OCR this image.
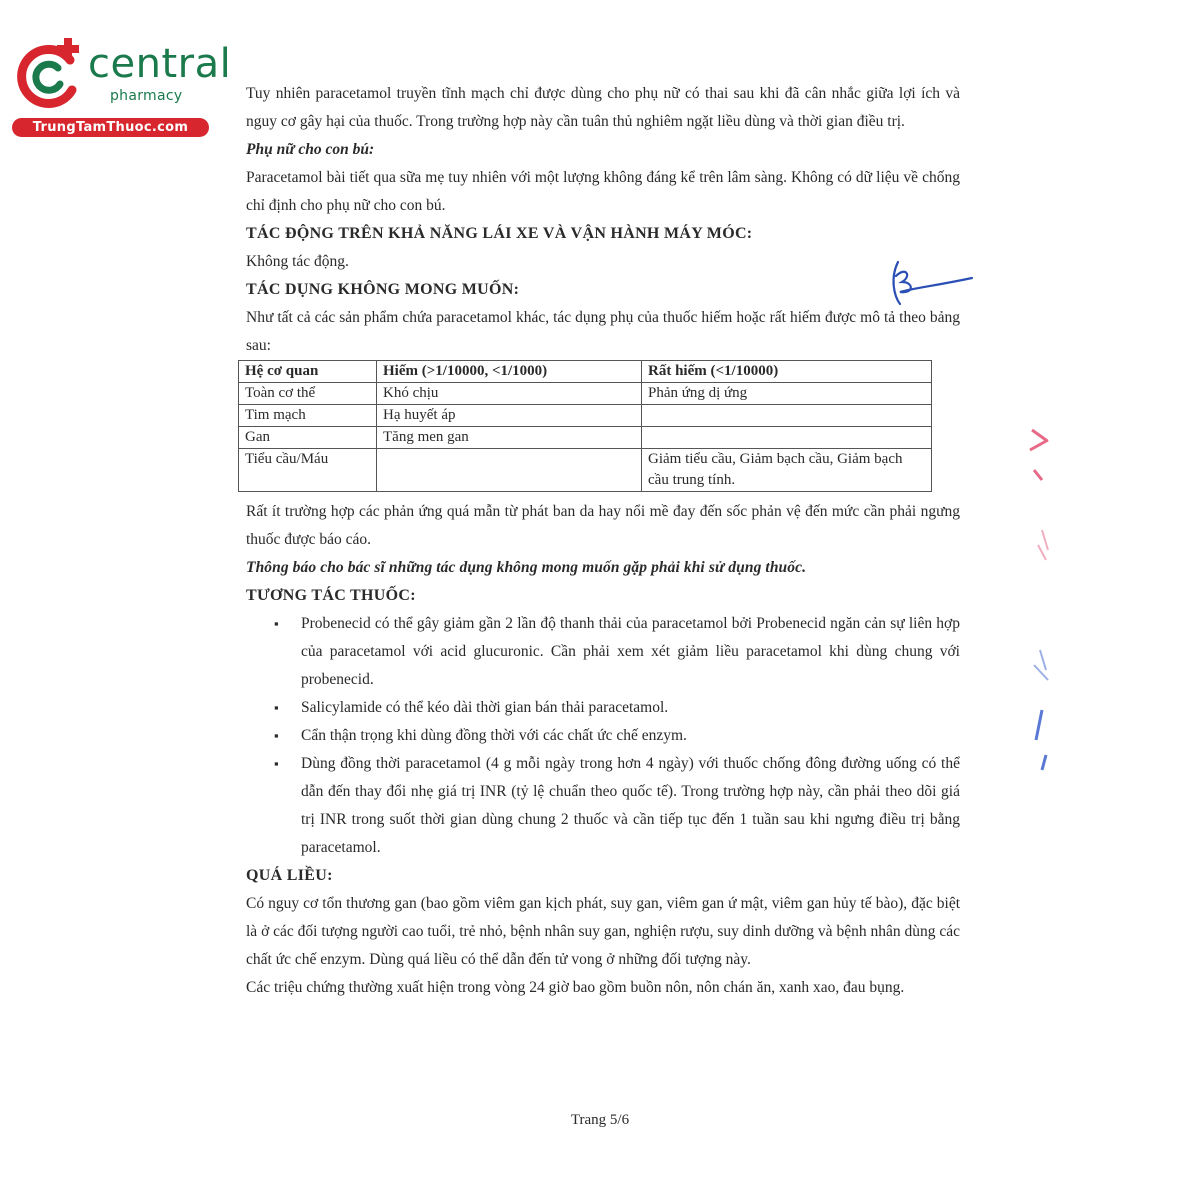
central
pharmacy
TrungTamThuoc.com

Tuy nhiên paracetamol truyền tĩnh mạch chỉ được dùng cho phụ nữ có thai sau khi đã cân nhắc giữa lợi ích và nguy cơ gây hại của thuốc. Trong trường hợp này cần tuân thủ nghiêm ngặt liều dùng và thời gian điều trị.

Phụ nữ cho con bú:

Paracetamol bài tiết qua sữa mẹ tuy nhiên với một lượng không đáng kể trên lâm sàng. Không có dữ liệu về chống chỉ định cho phụ nữ cho con bú.

TÁC ĐỘNG TRÊN KHẢ NĂNG LÁI XE VÀ VẬN HÀNH MÁY MÓC:

Không tác động.

TÁC DỤNG KHÔNG MONG MUỐN:

Như tất cả các sản phẩm chứa paracetamol khác, tác dụng phụ của thuốc hiếm hoặc rất hiếm được mô tả theo bảng sau:

Hệ cơ quan	Hiếm (>1/10000, <1/1000)	Rất hiếm (<1/10000)
Toàn cơ thể	Khó chịu	Phản ứng dị ứng
Tim mạch	Hạ huyết áp	
Gan	Tăng men gan	
Tiểu cầu/Máu		Giảm tiểu cầu, Giảm bạch cầu, Giảm bạch cầu trung tính.

Rất ít trường hợp các phản ứng quá mẫn từ phát ban da hay nổi mề đay đến sốc phản vệ đến mức cần phải ngưng thuốc được báo cáo.

Thông báo cho bác sĩ những tác dụng không mong muốn gặp phải khi sử dụng thuốc.

TƯƠNG TÁC THUỐC:

▪ Probenecid có thể gây giảm gần 2 lần độ thanh thải của paracetamol bởi Probenecid ngăn cản sự liên hợp của paracetamol với acid glucuronic. Cần phải xem xét giảm liều paracetamol khi dùng chung với probenecid.
▪ Salicylamide có thể kéo dài thời gian bán thải paracetamol.
▪ Cẩn thận trọng khi dùng đồng thời với các chất ức chế enzym.
▪ Dùng đồng thời paracetamol (4 g mỗi ngày trong hơn 4 ngày) với thuốc chống đông đường uống có thể dẫn đến thay đổi nhẹ giá trị INR (tỷ lệ chuẩn theo quốc tế). Trong trường hợp này, cần phải theo dõi giá trị INR trong suốt thời gian dùng chung 2 thuốc và cần tiếp tục đến 1 tuần sau khi ngưng điều trị bằng paracetamol.

QUÁ LIỀU:

Có nguy cơ tổn thương gan (bao gồm viêm gan kịch phát, suy gan, viêm gan ứ mật, viêm gan hủy tế bào), đặc biệt là ở các đối tượng người cao tuổi, trẻ nhỏ, bệnh nhân suy gan, nghiện rượu, suy dinh dưỡng và bệnh nhân dùng các chất ức chế enzym. Dùng quá liều có thể dẫn đến tử vong ở những đối tượng này.

Các triệu chứng thường xuất hiện trong vòng 24 giờ bao gồm buồn nôn, nôn chán ăn, xanh xao, đau bụng.

Trang 5/6
